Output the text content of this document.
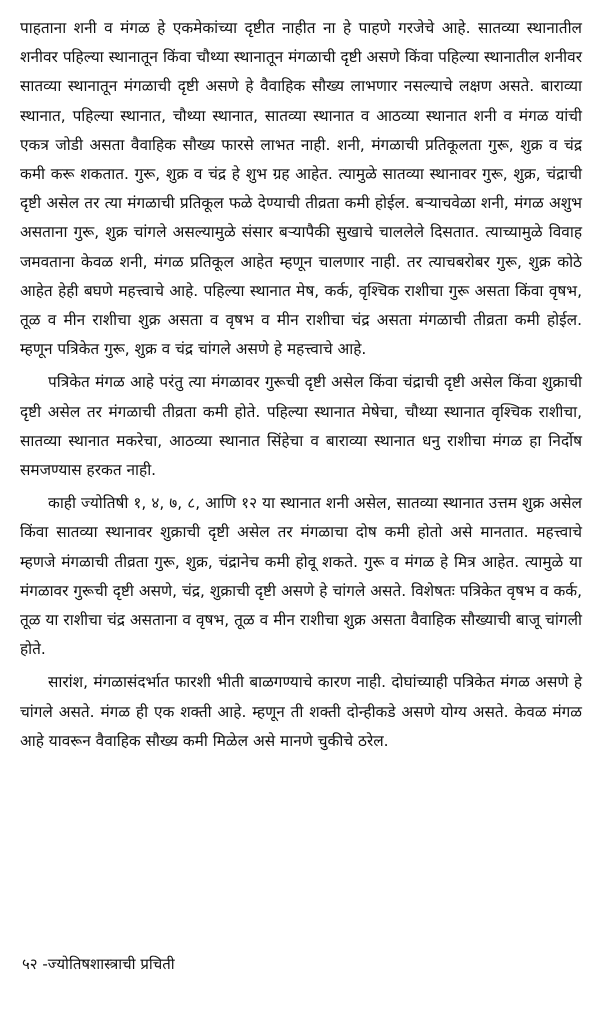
पाहताना शनी व मंगळ हे एकमेकांच्या दृष्टीत नाहीत ना हे पाहणे गरजेचे आहे. सातव्या स्थानातील शनीवर पहिल्या स्थानातून किंवा चौथ्या स्थानातून मंगळाची दृष्टी असणे किंवा पहिल्या स्थानातील शनीवर सातव्या स्थानातून मंगळाची दृष्टी असणे हे वैवाहिक सौख्य लाभणार नसल्याचे लक्षण असते. बाराव्या स्थानात, पहिल्या स्थानात, चौथ्या स्थानात, सातव्या स्थानात व आठव्या स्थानात शनी व मंगळ यांची एकत्र जोडी असता वैवाहिक सौख्य फारसे लाभत नाही. शनी, मंगळाची प्रतिकूलता गुरू, शुक्र व चंद्र कमी करू शकतात. गुरू, शुक्र व चंद्र हे शुभ ग्रह आहेत. त्यामुळे सातव्या स्थानावर गुरू, शुक्र, चंद्राची दृष्टी असेल तर त्या मंगळाची प्रतिकूल फळे देण्याची तीव्रता कमी होईल. बऱ्याचवेळा शनी, मंगळ अशुभ असताना गुरू, शुक्र चांगले असल्यामुळे संसार बऱ्यापैकी सुखाचे चाललेले दिसतात. त्याच्यामुळे विवाह जमवताना केवळ शनी, मंगळ प्रतिकूल आहेत म्हणून चालणार नाही. तर त्याचबरोबर गुरू, शुक्र कोठे आहेत हेही बघणे महत्त्वाचे आहे. पहिल्या स्थानात मेष, कर्क, वृश्चिक राशीचा गुरू असता किंवा वृषभ, तूळ व मीन राशीचा शुक्र असता व वृषभ व मीन राशीचा चंद्र असता मंगळाची तीव्रता कमी होईल. म्हणून पत्रिकेत गुरू, शुक्र व चंद्र चांगले असणे हे महत्त्वाचे आहे.

पत्रिकेत मंगळ आहे परंतु त्या मंगळावर गुरूची दृष्टी असेल किंवा चंद्राची दृष्टी असेल किंवा शुक्राची दृष्टी असेल तर मंगळाची तीव्रता कमी होते. पहिल्या स्थानात मेषेचा, चौथ्या स्थानात वृश्चिक राशीचा, सातव्या स्थानात मकरेचा, आठव्या स्थानात सिंहेचा व बाराव्या स्थानात धनु राशीचा मंगळ हा निर्दोष समजण्यास हरकत नाही.

काही ज्योतिषी १, ४, ७, ८, आणि १२ या स्थानात शनी असेल, सातव्या स्थानात उत्तम शुक्र असेल किंवा सातव्या स्थानावर शुक्राची दृष्टी असेल तर मंगळाचा दोष कमी होतो असे मानतात. महत्त्वाचे म्हणजे मंगळाची तीव्रता गुरू, शुक्र, चंद्रानेच कमी होवू शकते. गुरू व मंगळ हे मित्र आहेत. त्यामुळे या मंगळावर गुरूची दृष्टी असणे, चंद्र, शुक्राची दृष्टी असणे हे चांगले असते. विशेषतः पत्रिकेत वृषभ व कर्क, तूळ या राशीचा चंद्र असताना व वृषभ, तूळ व मीन राशीचा शुक्र असता वैवाहिक सौख्याची बाजू चांगली होते.

सारांश, मंगळासंदर्भात फारशी भीती बाळगण्याचे कारण नाही. दोघांच्याही पत्रिकेत मंगळ असणे हे चांगले असते. मंगळ ही एक शक्ती आहे. म्हणून ती शक्ती दोन्हीकडे असणे योग्य असते. केवळ मंगळ आहे यावरून वैवाहिक सौख्य कमी मिळेल असे मानणे चुकीचे ठरेल.

५२ -ज्योतिषशास्त्राची प्रचिती
